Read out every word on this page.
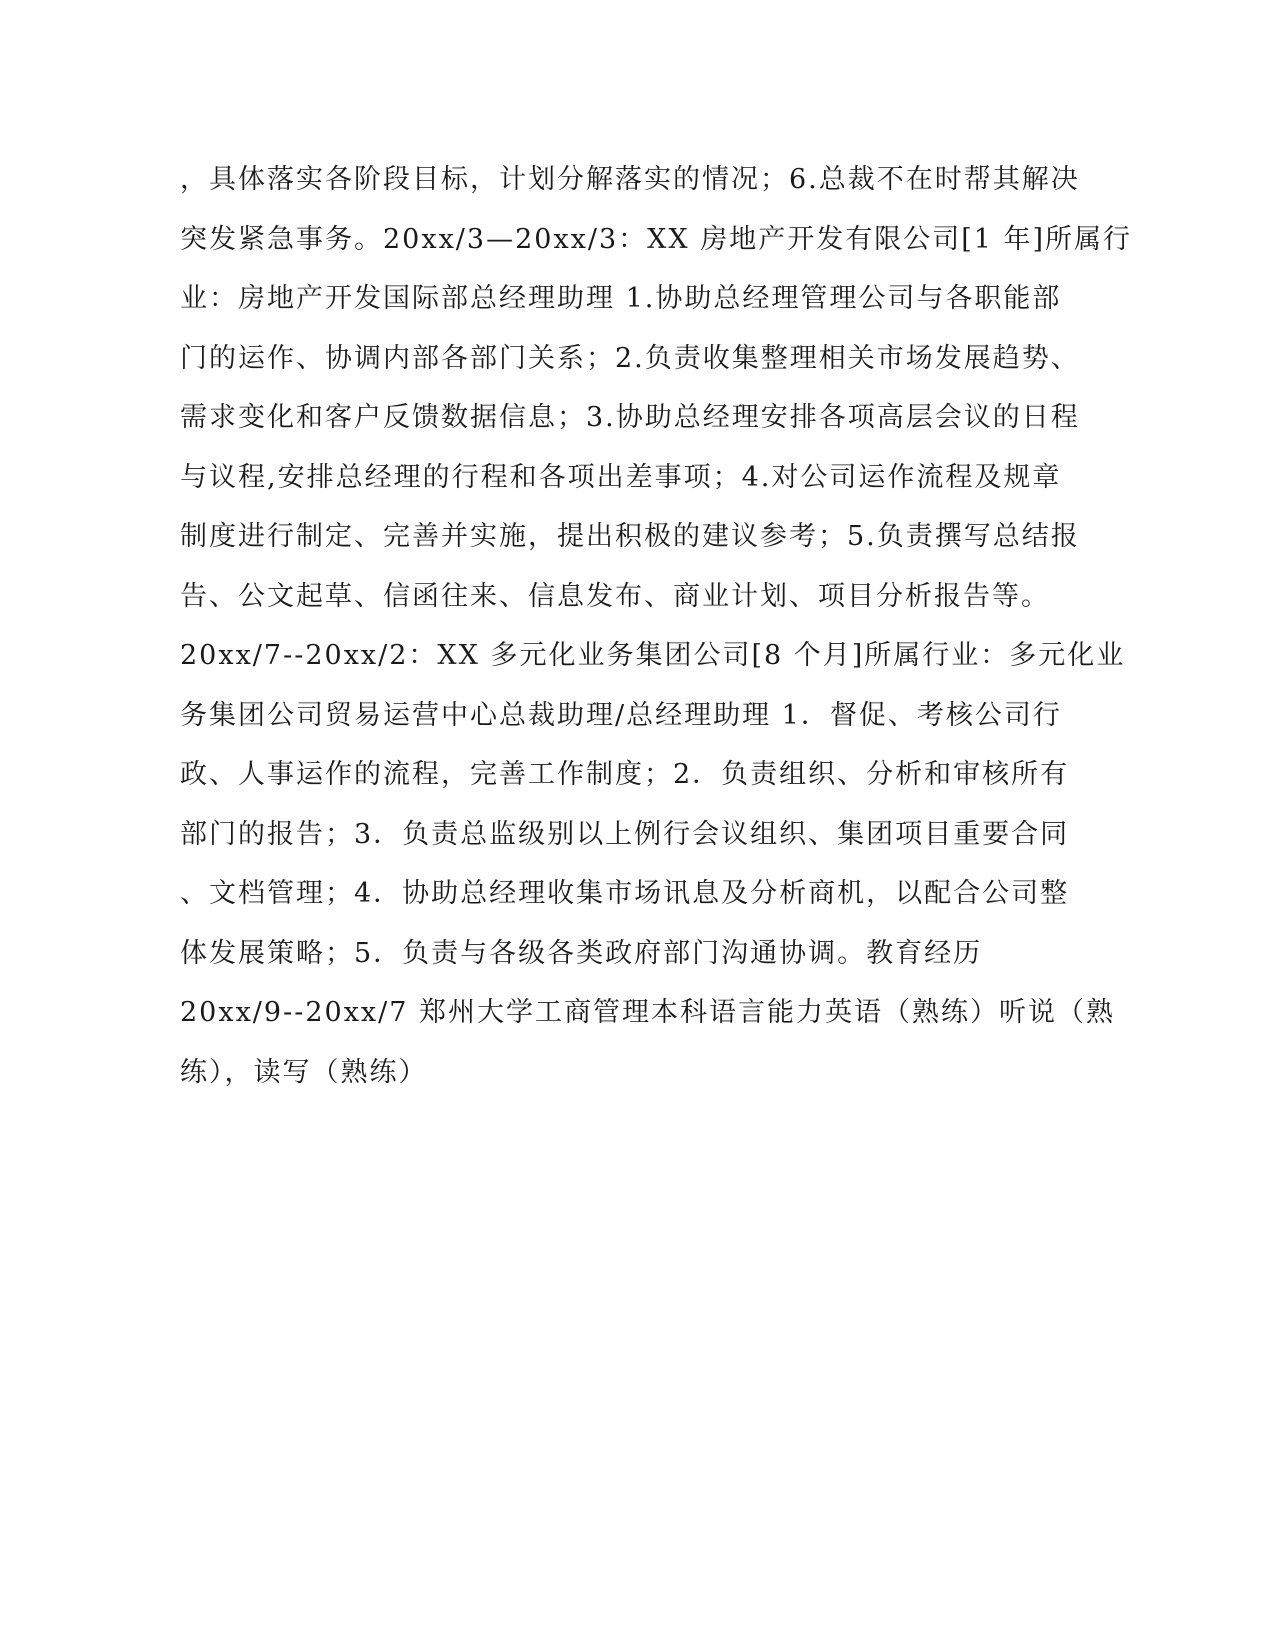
，具体落实各阶段目标，计划分解落实的情况；6.总裁不在时帮其解决
突发紧急事务。20xx/3—20xx/3：XX 房地产开发有限公司[1 年]所属行
业：房地产开发国际部总经理助理 1.协助总经理管理公司与各职能部
门的运作、协调内部各部门关系；2.负责收集整理相关市场发展趋势、
需求变化和客户反馈数据信息；3.协助总经理安排各项高层会议的日程
与议程,安排总经理的行程和各项出差事项；4.对公司运作流程及规章
制度进行制定、完善并实施，提出积极的建议参考；5.负责撰写总结报
告、公文起草、信函往来、信息发布、商业计划、项目分析报告等。
20xx/7--20xx/2：XX 多元化业务集团公司[8 个月]所属行业：多元化业
务集团公司贸易运营中心总裁助理/总经理助理 1．督促、考核公司行
政、人事运作的流程，完善工作制度；2．负责组织、分析和审核所有
部门的报告；3．负责总监级别以上例行会议组织、集团项目重要合同
、文档管理；4．协助总经理收集市场讯息及分析商机，以配合公司整
体发展策略；5．负责与各级各类政府部门沟通协调。教育经历
20xx/9--20xx/7 郑州大学工商管理本科语言能力英语（熟练）听说（熟
练），读写（熟练）
